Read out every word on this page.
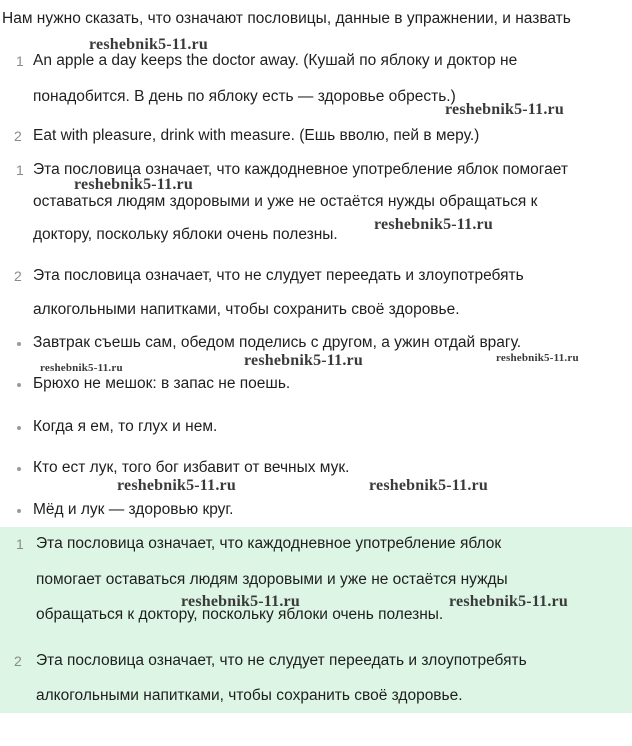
Нам нужно сказать, что означают пословицы, данные в упражнении, и назвать
1 An apple a day keeps the doctor away. (Кушай по яблоку и доктор не
понадобится. В день по яблоку есть — здоровье обресть.)
2 Eat with pleasure, drink with measure. (Ешь вволю, пей в меру.)
1 Эта пословица означает, что каждодневное употребление яблок помогает
оставаться людям здоровыми и уже не остаётся нужды обращаться к
доктору, поскольку яблоки очень полезны.
2 Эта пословица означает, что не слудует переедать и злоупотребять
алкогольными напитками, чтобы сохранить своё здоровье.
Завтрак съешь сам, обедом поделись с другом, а ужин отдай врагу.
Брюхо не мешок: в запас не поешь.
Когда я ем, то глух и нем.
Кто ест лук, того бог избавит от вечных мук.
Мёд и лук — здоровью круг.
1 Эта пословица означает, что каждодневное употребление яблок
помогает оставаться людям здоровыми и уже не остаётся нужды
обращаться к доктору, поскольку яблоки очень полезны.
2 Эта пословица означает, что не слудует переедать и злоупотребять
алкогольными напитками, чтобы сохранить своё здоровье.
reshebnik5-11.ru
reshebnik5-11.ru
reshebnik5-11.ru
reshebnik5-11.ru
reshebnik5-11.ru	reshebnik5-11.ru	reshebnik5-11.ru
reshebnik5-11.ru	reshebnik5-11.ru
reshebnik5-11.ru	reshebnik5-11.ru
